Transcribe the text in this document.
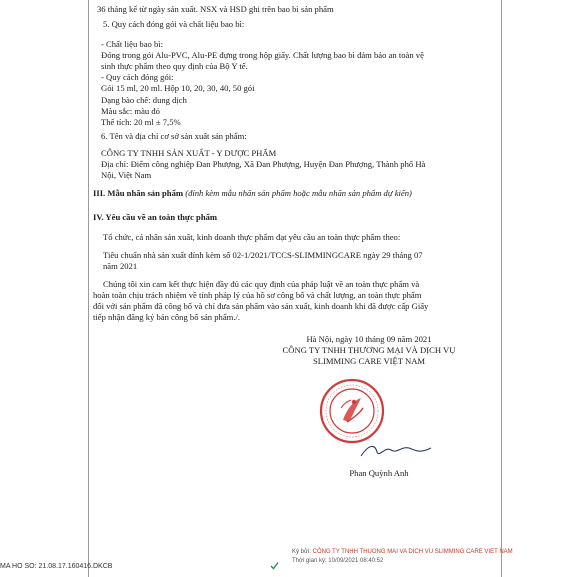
36 tháng kể từ ngày sản xuất. NSX và HSD ghi trên bao bì sản phẩm
5. Quy cách đóng gói và chất liệu bao bì:
- Chất liệu bao bì:
Đóng trong gói Alu-PVC, Alu-PE đựng trong hộp giấy. Chất lượng bao bì đảm bảo an toàn vệ
sinh thực phẩm theo quy định của Bộ Y tế.
- Quy cách đóng gói:
Gói 15 ml, 20 ml. Hộp 10, 20, 30, 40, 50 gói
Dạng bào chế: dung dịch
Màu sắc: màu đỏ
Thể tích: 20 ml ± 7,5%
6. Tên và địa chỉ cơ sở sản xuất sản phẩm:
CÔNG TY TNHH SẢN XUẤT - Y DƯỢC PHẨM
Địa chỉ: Điểm công nghiệp Đan Phượng, Xã Đan Phượng, Huyện Đan Phượng, Thành phố Hà
Nội, Việt Nam
III. Mẫu nhãn sản phẩm (đính kèm mẫu nhãn sản phẩm hoặc mẫu nhãn sản phẩm dự kiến)
IV. Yêu cầu về an toàn thực phẩm
Tổ chức, cá nhân sản xuất, kinh doanh thực phẩm đạt yêu cầu an toàn thực phẩm theo:
Tiêu chuẩn nhà sản xuất đính kèm số 02-1/2021/TCCS-SLIMMINGCARE ngày 29 tháng 07
năm 2021
Chúng tôi xin cam kết thực hiện đầy đủ các quy định của pháp luật về an toàn thực phẩm và
hoàn toàn chịu trách nhiệm về tính pháp lý của hồ sơ công bố và chất lượng, an toàn thực phẩm
đối với sản phẩm đã công bố và chỉ đưa sản phẩm vào sản xuất, kinh doanh khi đã được cấp Giấy
tiếp nhận đăng ký bản công bố sản phẩm./.
Hà Nội, ngày 10 tháng 09 năm 2021
CÔNG TY TNHH THƯƠNG MẠI VÀ DỊCH VỤ
SLIMMING CARE VIỆT NAM
Phan Quỳnh Anh
MA HO SO: 21.08.17.160416.DKCB
Ký bởi: CÔNG TY TNHH THUONG MAI VA DICH VU SLIMMING CARE VIET NAM
Thời gian ký: 10/09/2021 08:40:52
